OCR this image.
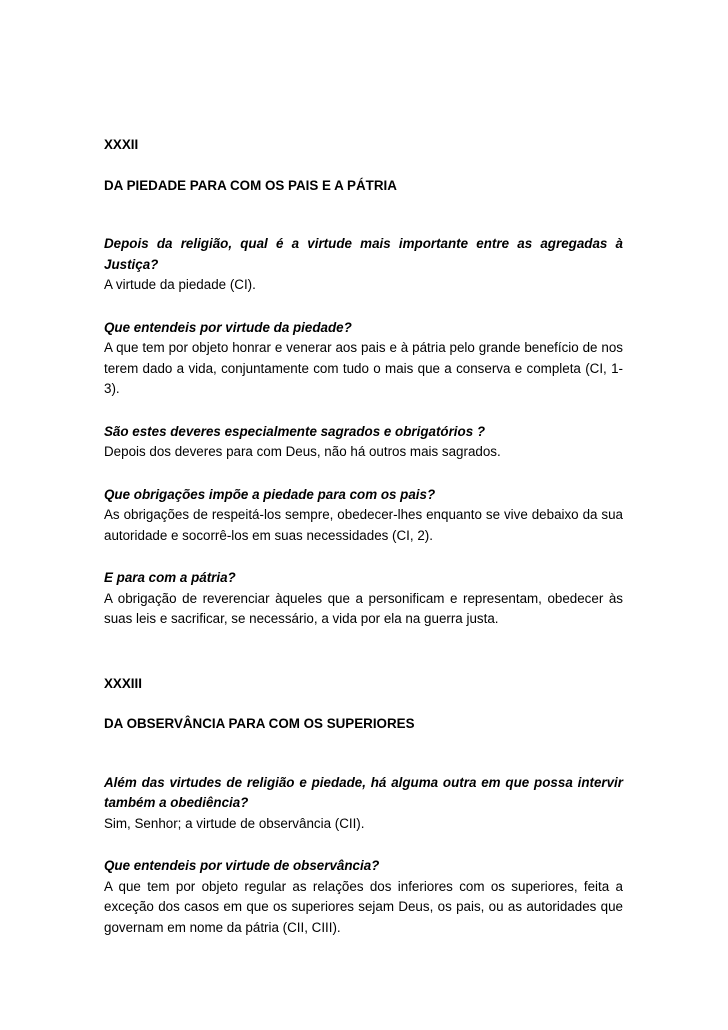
XXXII

DA PIEDADE PARA COM OS PAIS E A PÁTRIA

Depois da religião, qual é a virtude mais importante entre as agregadas à Justiça?

A virtude da piedade (CI).

Que entendeis por virtude da piedade?

A que tem por objeto honrar e venerar aos pais e à pátria pelo grande benefício de nos terem dado a vida, conjuntamente com tudo o mais que a conserva e completa (CI, 1-3).

São estes deveres especialmente sagrados e obrigatórios ?

Depois dos deveres para com Deus, não há outros mais sagrados.

Que obrigações impõe a piedade para com os pais?

As obrigações de respeitá-los sempre, obedecer-lhes enquanto se vive debaixo da sua autoridade e socorrê-los em suas necessidades (CI, 2).

E para com a pátria?

A obrigação de reverenciar àqueles que a personificam e representam, obedecer às suas leis e sacrificar, se necessário, a vida por ela na guerra justa.

XXXIII

DA OBSERVÂNCIA PARA COM OS SUPERIORES

Além das virtudes de religião e piedade, há alguma outra em que possa intervir também a obediência?

Sim, Senhor; a virtude de observância (CII).

Que entendeis por virtude de observância?

A que tem por objeto regular as relações dos inferiores com os superiores, feita a exceção dos casos em que os superiores sejam Deus, os pais, ou as autoridades que governam em nome da pátria (CII, CIII).
